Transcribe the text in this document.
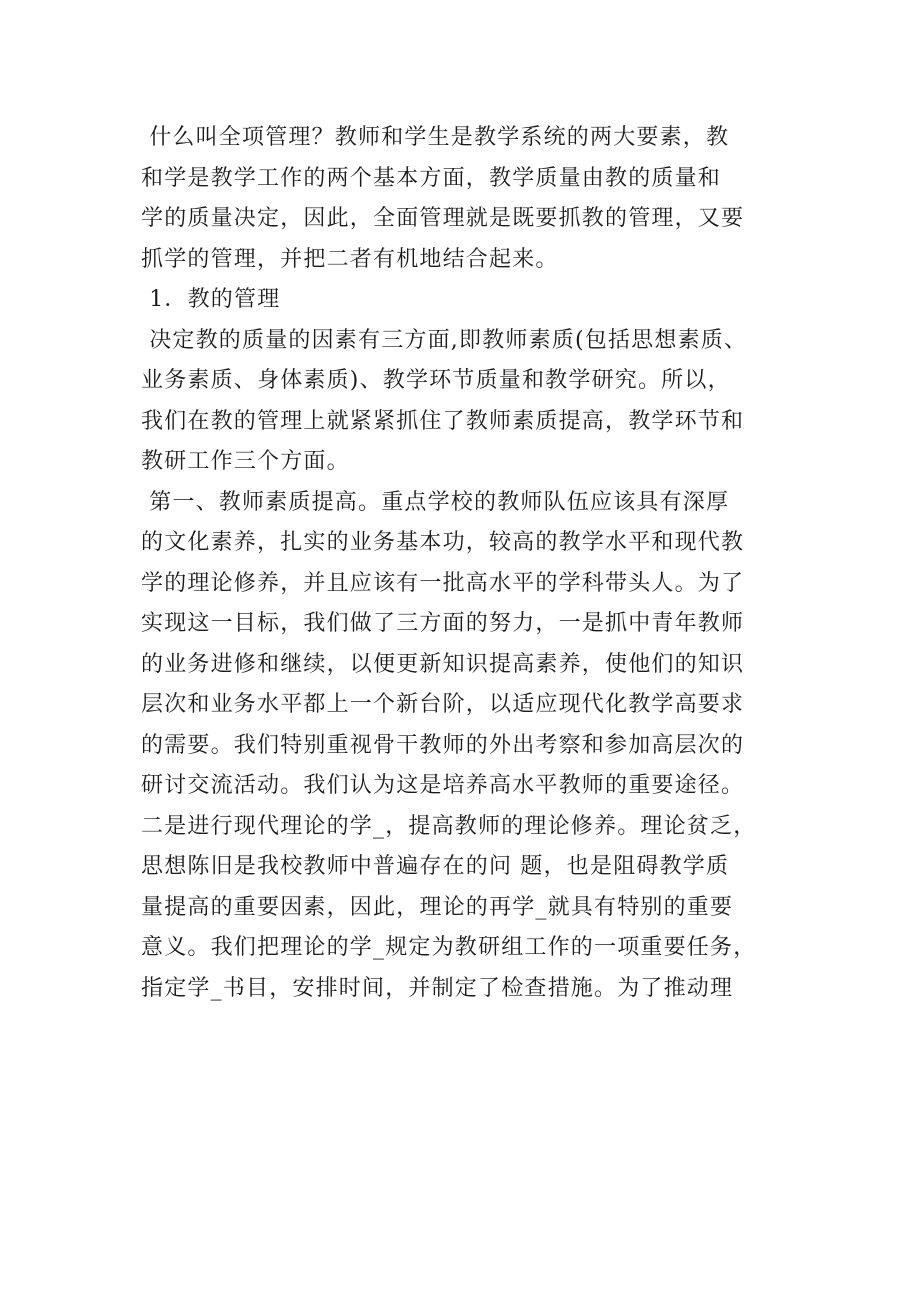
什么叫全项管理？教师和学生是教学系统的两大要素，教
和学是教学工作的两个基本方面，教学质量由教的质量和
学的质量决定，因此，全面管理就是既要抓教的管理，又要
抓学的管理，并把二者有机地结合起来。
1．教的管理
决定教的质量的因素有三方面,即教师素质(包括思想素质、
业务素质、身体素质)、教学环节质量和教学研究。所以，
我们在教的管理上就紧紧抓住了教师素质提高，教学环节和
教研工作三个方面。
第一、教师素质提高。重点学校的教师队伍应该具有深厚
的文化素养，扎实的业务基本功，较高的教学水平和现代教
学的理论修养，并且应该有一批高水平的学科带头人。为了
实现这一目标，我们做了三方面的努力，一是抓中青年教师
的业务进修和继续，以便更新知识提高素养，使他们的知识
层次和业务水平都上一个新台阶，以适应现代化教学高要求
的需要。我们特别重视骨干教师的外出考察和参加高层次的
研讨交流活动。我们认为这是培养高水平教师的重要途径。
二是进行现代理论的学_，提高教师的理论修养。理论贫乏，
思想陈旧是我校教师中普遍存在的问 题，也是阻碍教学质
量提高的重要因素，因此，理论的再学_就具有特别的重要
意义。我们把理论的学_规定为教研组工作的一项重要任务，
指定学_书目，安排时间，并制定了检查措施。为了推动理
